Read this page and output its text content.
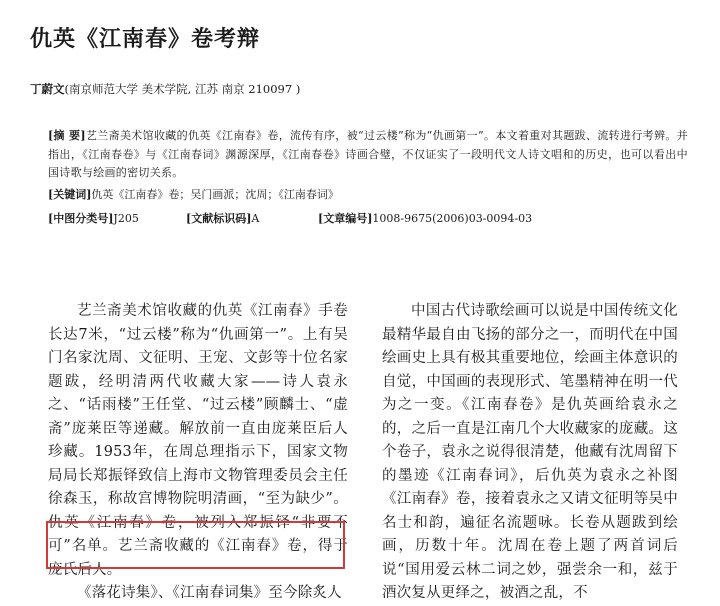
仇英《江南春》卷考辩
丁蔚文(南京师范大学 美术学院, 江苏 南京 210097 )
[摘 要]艺兰斋美术馆收藏的仇英《江南春》卷，流传有序，被“过云楼”称为“仇画第一”。本文着重对其题跋、流转进行考辨。并指出，《江南春卷》与《江南春词》渊源深厚，《江南春卷》诗画合璧，不仅证实了一段明代文人诗文唱和的历史，也可以看出中国诗歌与绘画的密切关系。
[关键词]仇英《江南春》卷；吴门画派；沈周；《江南春词》
[中图分类号]J205	[文献标识码]A	[文章编号]1008-9675(2006)03-0094-03

艺兰斋美术馆收藏的仇英《江南春》手卷长达7米，“过云楼”称为“仇画第一”。上有吴门名家沈周、文征明、王宠、文彭等十位名家题跋，经明清两代收藏大家——诗人袁永之、“话雨楼”王任堂、“过云楼”顾麟士、“虚斋”庞莱臣等递藏。解放前一直由庞莱臣后人珍藏。1953年，在周总理指示下，国家文物局局长郑振铎致信上海市文物管理委员会主任徐森玉，称故宫博物院明清画，“至为缺少”。仇英《江南春》卷，被列入郑振铎“非要不可”名单。艺兰斋收藏的《江南春》卷，得于庞氏后人。

《落花诗集》、《江南春词集》至今除炙人

中国古代诗歌绘画可以说是中国传统文化最精华最自由飞扬的部分之一，而明代在中国绘画史上具有极其重要地位，绘画主体意识的自觉，中国画的表现形式、笔墨精神在明一代为之一变。《江南春卷》是仇英画给袁永之的，之后一直是江南几个大收藏家的庞藏。这个卷子，袁永之说得很清楚，他藏有沈周留下的墨迹《江南春词》，后仇英为袁永之补图《江南春》卷，接着袁永之又请文征明等吴中名士和韵，遍征名流题咏。长卷从题跋到绘画，历数十年。沈周在卷上题了两首词后说“国用爱云林二词之妙，强尝余一和，兹于酒次复从更绎之，被酒之乱，不
